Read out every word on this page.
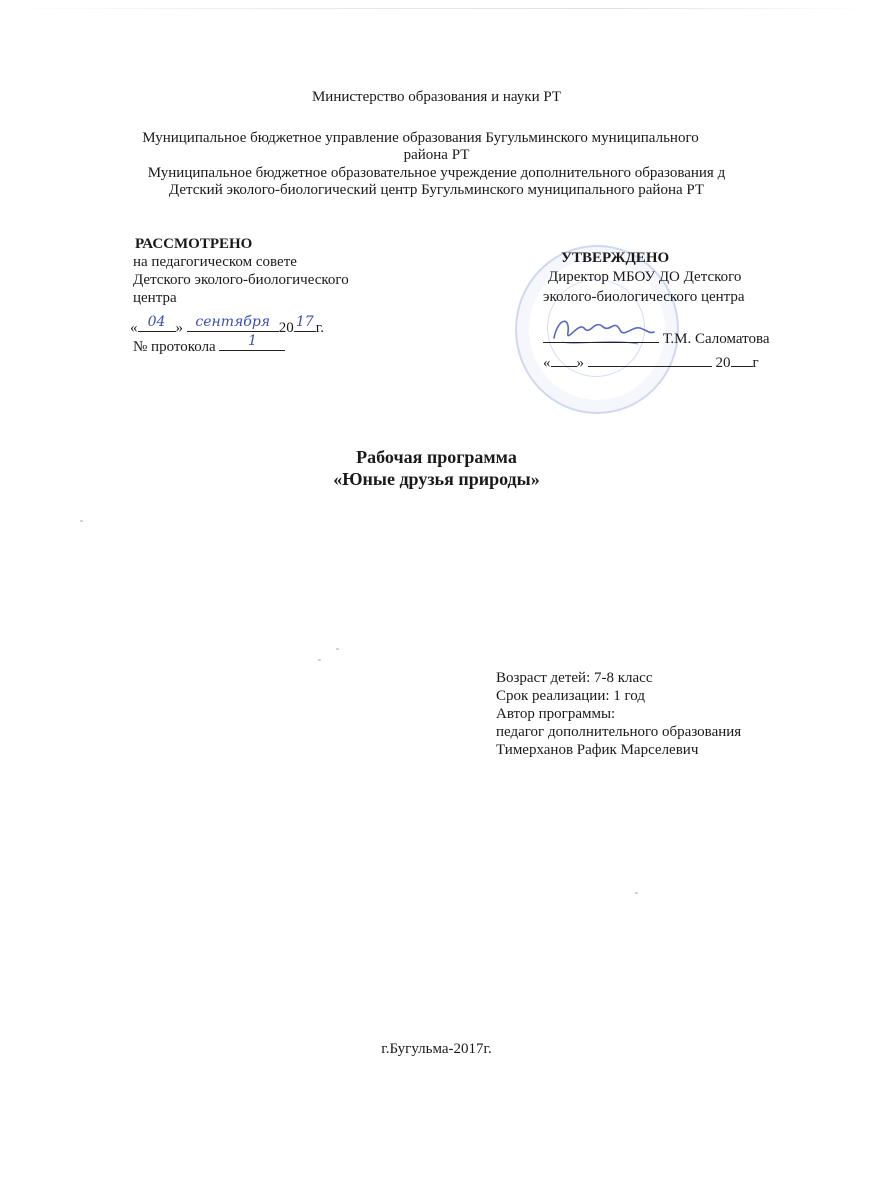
Министерство образования и науки РТ
Муниципальное бюджетное управление образования Бугульминского муниципального
района РТ
Муниципальное бюджетное образовательное учреждение дополнительного образования д
Детский эколого-биологический центр Бугульминского муниципального района РТ
РАССМОТРЕНО
на педагогическом совете
Детского эколого-биологического
центра
« 04 » сентября 20 17 г.
№ протокола	1
УТВЕРЖДЕНО
Директор МБОУ ДО Детского
эколого-биологического центра
Т.М. Саломатова
« »	20 г
Рабочая программа
«Юные друзья природы»
Возраст детей: 7-8 класс
Срок реализации: 1 год
Автор программы:
педагог дополнительного образования
Тимерханов Рафик Марселевич
г.Бугульма-2017г.
